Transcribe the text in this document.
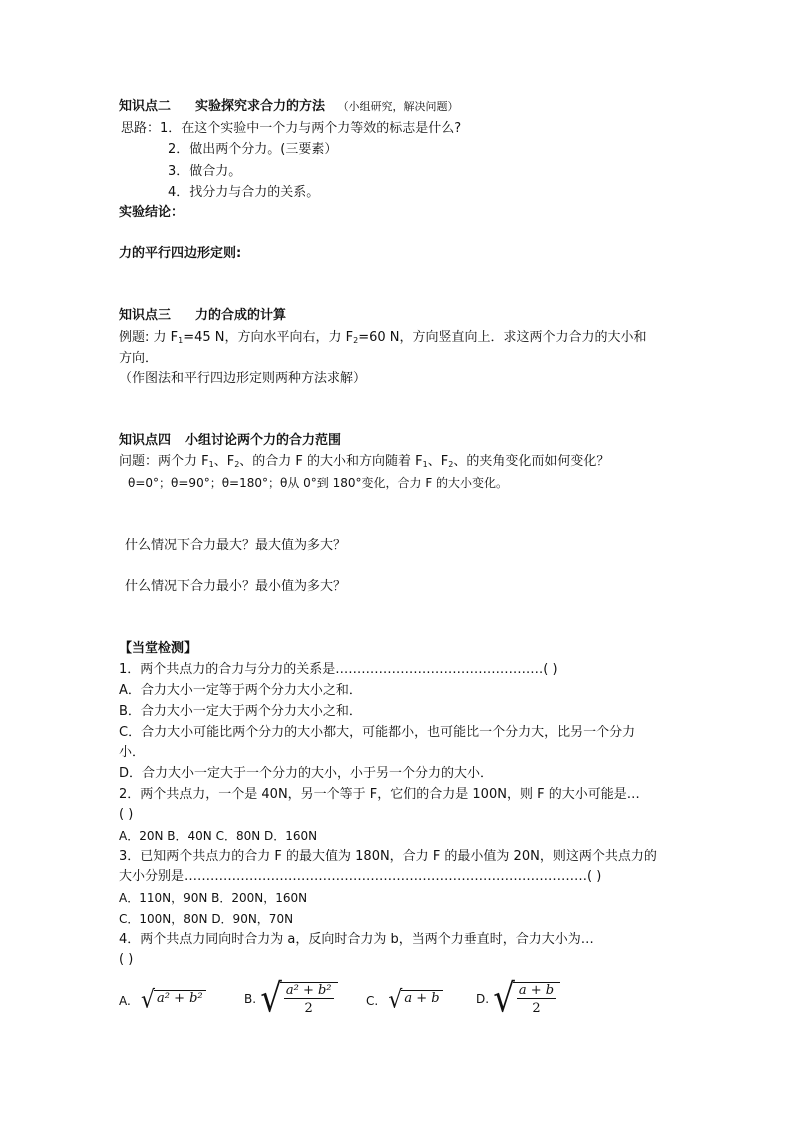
知识点二 实验探究求合力的方法 （小组研究，解决问题）
思路：1．在这个实验中一个力与两个力等效的标志是什么?
2．做出两个分力。(三要素）
3．做合力。
4．找分力与合力的关系。
实验结论：
力的平行四边形定则:
知识点三 力的合成的计算
例题: 力 $F_1=45$ N，方向水平向右，力 $F_2=60$ N，方向竖直向上．求这两个力合力的大小和
方向．
（作图法和平行四边形定则两种方法求解）
知识点四 小组讨论两个力的合力范围
问题：两个力 $F_1$、$F_2$、的合力 F 的大小和方向随着 $F_1$、$F_2$、的夹角变化而如何变化？
θ=0°；θ=90°；θ=180°；θ从 0°到 180°变化，合力 F 的大小变化。
什么情况下合力最大？最大值为多大？
什么情况下合力最小？最小值为多大？
【当堂检测】
1．两个共点力的合力与分力的关系是…………………………………………( )
A．合力大小一定等于两个分力大小之和．
B．合力大小一定大于两个分力大小之和．
C．合力大小可能比两个分力的大小都大，可能都小，也可能比一个分力大，比另一个分力
小．
D．合力大小一定大于一个分力的大小，小于另一个分力的大小．
2．两个共点力，一个是 40N，另一个等于 F，它们的合力是 100N，则 F 的大小可能是…
( )
A．20N B．40N C．80N D．160N
3．已知两个共点力的合力 F 的最大值为 180N，合力 F 的最小值为 20N，则这两个共点力的
大小分别是…………………………………………………………………………………( )
A．110N，90N B．200N，160N
C．100N，80N D．90N，70N
4．两个共点力同向时合力为 a，反向时合力为 b，当两个力垂直时，合力大小为…
( )
A. √ a² + b²	B. √
$\frac{\text{a² + b²}}{2} C$. √ a + b	D. √
$\frac{a + b}{2}$
